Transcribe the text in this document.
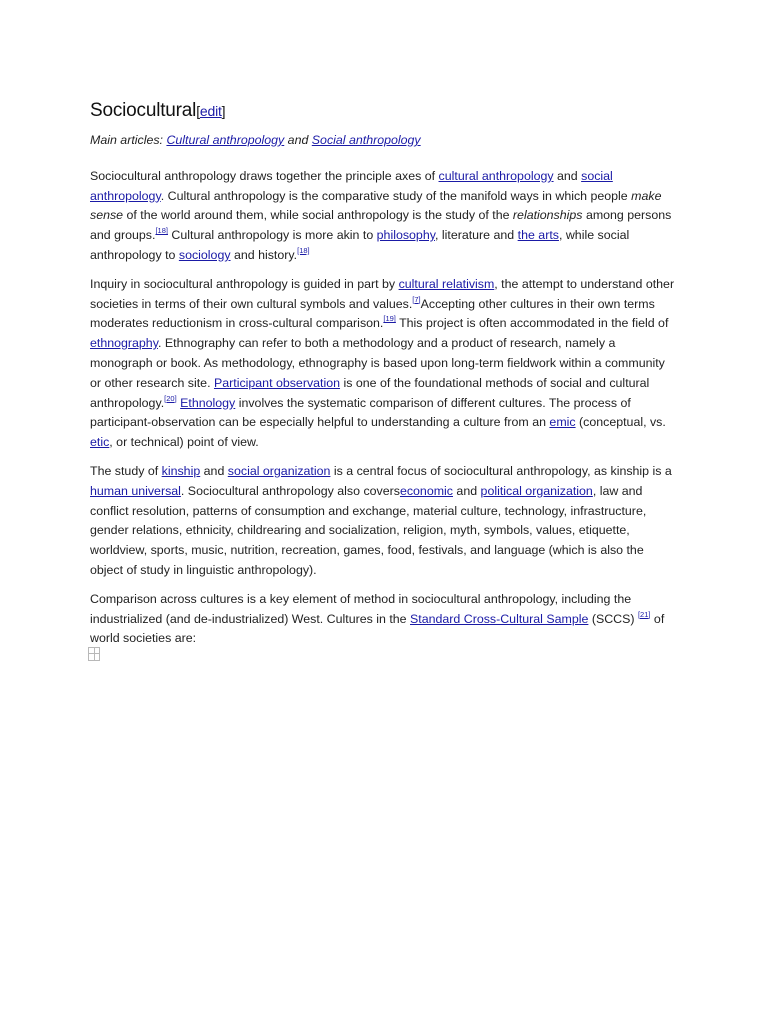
Sociocultural[edit]
Main articles: Cultural anthropology and Social anthropology

Sociocultural anthropology draws together the principle axes of cultural anthropology and social anthropology. Cultural anthropology is the comparative study of the manifold ways in which people make sense of the world around them, while social anthropology is the study of the relationships among persons and groups.[18] Cultural anthropology is more akin to philosophy, literature and the arts, while social anthropology to sociology and history.[18]

Inquiry in sociocultural anthropology is guided in part by cultural relativism, the attempt to understand other societies in terms of their own cultural symbols and values.[7]Accepting other cultures in their own terms moderates reductionism in cross-cultural comparison.[19] This project is often accommodated in the field of ethnography. Ethnography can refer to both a methodology and a product of research, namely a monograph or book. As methodology, ethnography is based upon long-term fieldwork within a community or other research site. Participant observation is one of the foundational methods of social and cultural anthropology.[20] Ethnology involves the systematic comparison of different cultures. The process of participant-observation can be especially helpful to understanding a culture from an emic (conceptual, vs. etic, or technical) point of view.

The study of kinship and social organization is a central focus of sociocultural anthropology, as kinship is a human universal. Sociocultural anthropology also coverseconomic and political organization, law and conflict resolution, patterns of consumption and exchange, material culture, technology, infrastructure, gender relations, ethnicity, childrearing and socialization, religion, myth, symbols, values, etiquette, worldview, sports, music, nutrition, recreation, games, food, festivals, and language (which is also the object of study in linguistic anthropology).

Comparison across cultures is a key element of method in sociocultural anthropology, including the industrialized (and de-industrialized) West. Cultures in the Standard Cross-Cultural Sample (SCCS) [21] of world societies are:
